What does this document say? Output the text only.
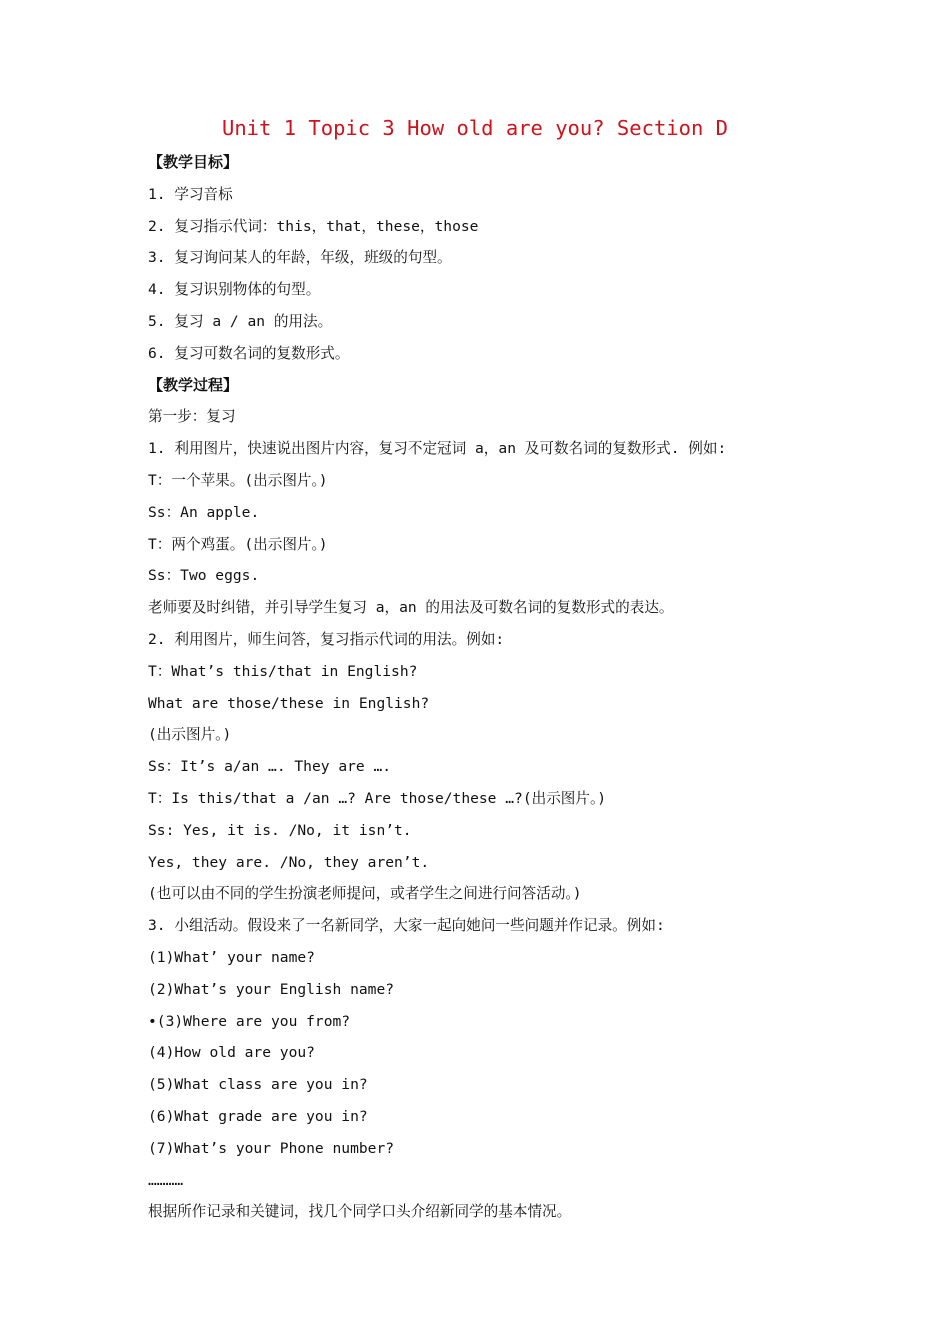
Unit 1 Topic 3 How old are you? Section D
【教学目标】
1. 学习音标
2. 复习指示代词：this，that，these，those
3. 复习询问某人的年龄，年级，班级的句型。
4. 复习识别物体的句型。
5. 复习 a / an 的用法。
6. 复习可数名词的复数形式。
【教学过程】
第一步：复习
1. 利用图片，快速说出图片内容，复习不定冠词 a，an 及可数名词的复数形式. 例如:
T：一个苹果。(出示图片。)
Ss：An apple.
T：两个鸡蛋。(出示图片。)
Ss：Two eggs.
老师要及时纠错，并引导学生复习 a，an 的用法及可数名词的复数形式的表达。
2. 利用图片，师生问答，复习指示代词的用法。例如:
T：What’s this/that in English?
What are those/these in English?
(出示图片。)
Ss：It’s a/an …. They are ….
T：Is this/that a /an …? Are those/these …?(出示图片。)
Ss: Yes, it is. /No, it isn’t.
Yes, they are. /No, they aren’t.
(也可以由不同的学生扮演老师提问，或者学生之间进行问答活动。)
3. 小组活动。假设来了一名新同学，大家一起向她问一些问题并作记录。例如:
(1)What’ your name?
(2)What’s your English name?
•(3)Where are you from?
(4)How old are you?
(5)What class are you in?
(6)What grade are you in?
(7)What’s your Phone number?
…………
根据所作记录和关键词，找几个同学口头介绍新同学的基本情况。
